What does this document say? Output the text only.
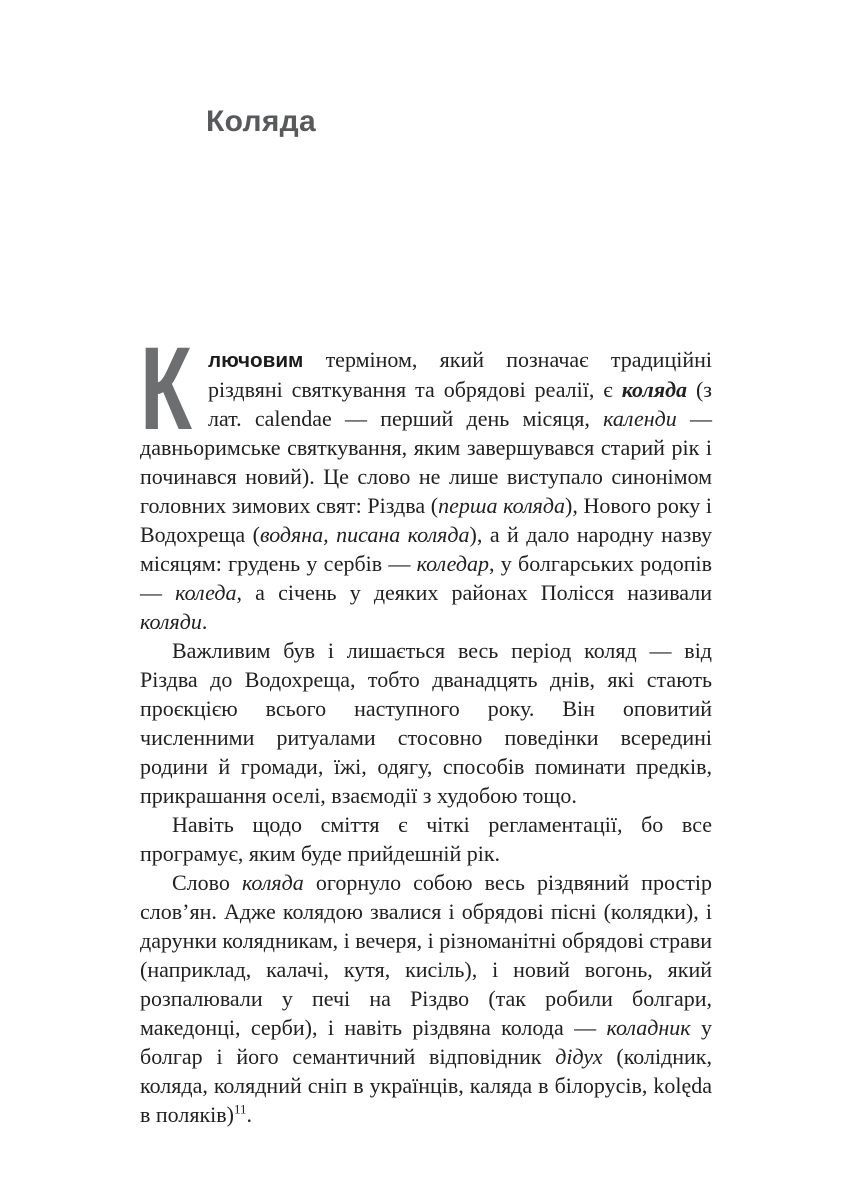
Коляда

К лючовим терміном, який позначає традиційні різдвяні святкування та обрядові реалії, є коляда (з лат. calendae — перший день місяця, календи — давньоримське святкування, яким завершувався старий рік і починався новий). Це слово не лише виступало синонімом головних зимових свят: Різдва (перша коляда), Нового року і Водохреща (водяна, писана коляда), а й дало народну назву місяцям: грудень у сербів — коледар, у болгарських родопів — коледа, а січень у деяких районах Полісся називали коляди.

Важливим був і лишається весь період коляд — від Різдва до Водохреща, тобто дванадцять днів, які стають проєкцією всього наступного року. Він оповитий численними ритуалами стосовно поведінки всередині родини й громади, їжі, одягу, способів поминати предків, прикрашання оселі, взаємодії з худобою тощо.

Навіть щодо сміття є чіткі регламентації, бо все програмує, яким буде прийдешній рік.

Слово коляда огорнуло собою весь різдвяний простір слов’ян. Адже колядою звалися і обрядові пісні (колядки), і дарунки колядникам, і вечеря, і різноманітні обрядові страви (наприклад, калачі, кутя, кисіль), і новий вогонь, який розпалювали у печі на Різдво (так робили болгари, македонці, серби), і навіть різдвяна колода — коладник у болгар і його семантичний відповідник дідух (колідник, коляда, колядний сніп в українців, каляда в білорусів, kolęda в поляків)$^{11}$.
